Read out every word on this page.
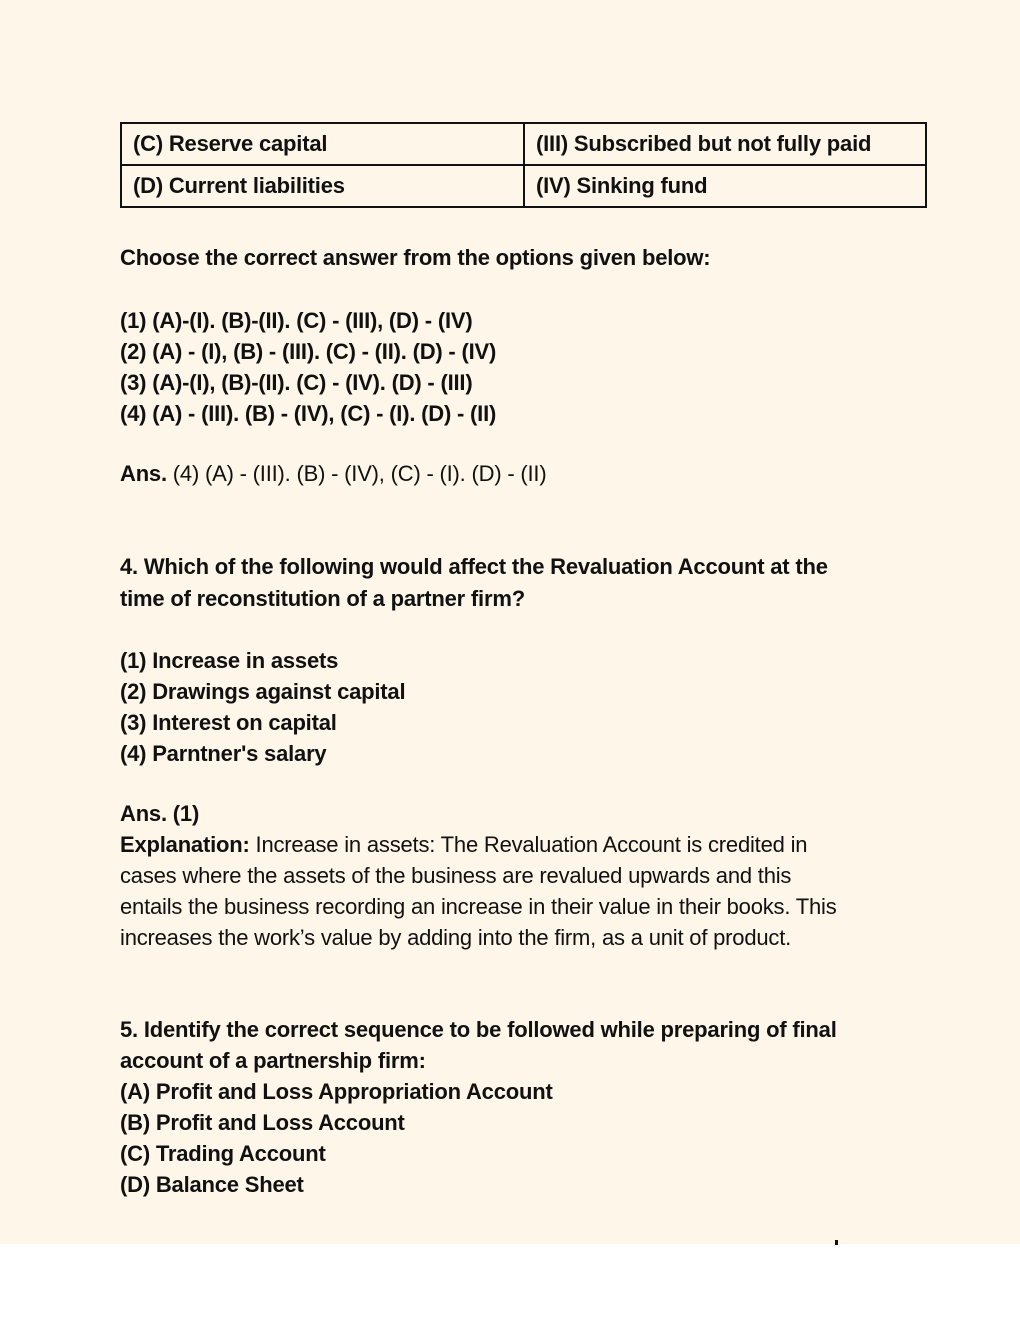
(C) Reserve capital	(III) Subscribed but not fully paid
(D) Current liabilities	(IV) Sinking fund
Choose the correct answer from the options given below:
(1) (A)-(I). (B)-(II). (C) - (III), (D) - (IV)
(2) (A) - (I), (B) - (III). (C) - (II). (D) - (IV)
(3) (A)-(I), (B)-(II). (C) - (IV). (D) - (III)
(4) (A) - (III). (B) - (IV), (C) - (I). (D) - (II)
Ans. (4) (A) - (III). (B) - (IV), (C) - (I). (D) - (II)
4. Which of the following would affect the Revaluation Account at the
time of reconstitution of a partner firm?
(1) Increase in assets
(2) Drawings against capital
(3) Interest on capital
(4) Parntner's salary
Ans. (1)
Explanation: Increase in assets: The Revaluation Account is credited in
cases where the assets of the business are revalued upwards and this
entails the business recording an increase in their value in their books. This
increases the work’s value by adding into the firm, as a unit of product.
5. Identify the correct sequence to be followed while preparing of final
account of a partnership firm:
(A) Profit and Loss Appropriation Account
(B) Profit and Loss Account
(C) Trading Account
(D) Balance Sheet
